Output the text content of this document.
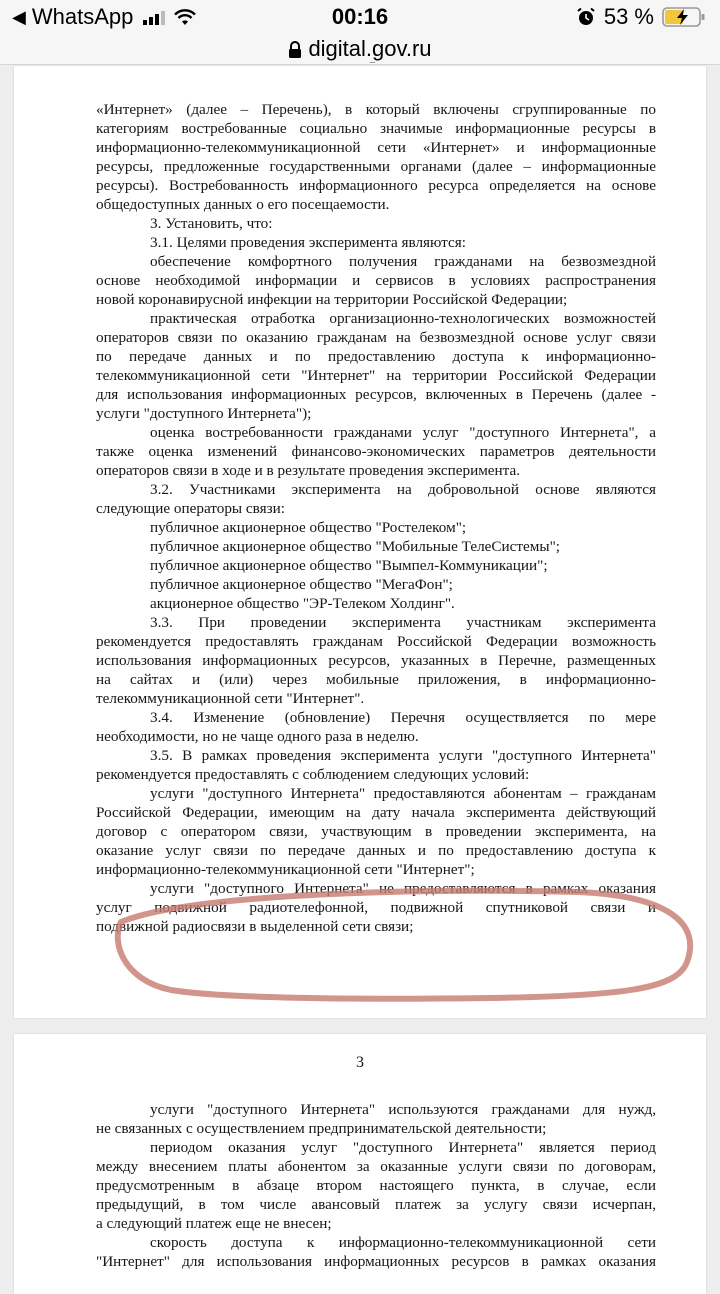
◀ WhatsApp	00:16	53 %
digital.gov.ru
‾
«Интернет» (далее – Перечень), в который включены сгруппированные по
категориям востребованные социально значимые информационные ресурсы в
информационно-телекоммуникационной сети «Интернет» и информационные
ресурсы, предложенные государственными органами (далее – информационные
ресурсы). Востребованность информационного ресурса определяется на основе
общедоступных данных о его посещаемости.
3. Установить, что:
3.1. Целями проведения эксперимента являются:
обеспечение комфортного получения гражданами на безвозмездной
основе необходимой информации и сервисов в условиях распространения
новой коронавирусной инфекции на территории Российской Федерации;
практическая отработка организационно-технологических возможностей
операторов связи по оказанию гражданам на безвозмездной основе услуг связи
по передаче данных и по предоставлению доступа к информационно-
телекоммуникационной сети "Интернет" на территории Российской Федерации
для использования информационных ресурсов, включенных в Перечень (далее -
услуги "доступного Интернета");
оценка востребованности гражданами услуг "доступного Интернета", а
также оценка изменений финансово-экономических параметров деятельности
операторов связи в ходе и в результате проведения эксперимента.
3.2. Участниками эксперимента на добровольной основе являются
следующие операторы связи:
публичное акционерное общество "Ростелеком";
публичное акционерное общество "Мобильные ТелеСистемы";
публичное акционерное общество "Вымпел-Коммуникации";
публичное акционерное общество "МегаФон";
акционерное общество "ЭР-Телеком Холдинг".
3.3. При проведении эксперимента участникам эксперимента
рекомендуется предоставлять гражданам Российской Федерации возможность
использования информационных ресурсов, указанных в Перечне, размещенных
на сайтах и (или) через мобильные приложения, в информационно-
телекоммуникационной сети "Интернет".
3.4. Изменение (обновление) Перечня осуществляется по мере
необходимости, но не чаще одного раза в неделю.
3.5. В рамках проведения эксперимента услуги "доступного Интернета"
рекомендуется предоставлять с соблюдением следующих условий:
услуги "доступного Интернета" предоставляются абонентам – гражданам
Российской Федерации, имеющим на дату начала эксперимента действующий
договор с оператором связи, участвующим в проведении эксперимента, на
оказание услуг связи по передаче данных и по предоставлению доступа к
информационно-телекоммуникационной сети "Интернет";
услуги "доступного Интернета" не предоставляются в рамках оказания
услуг подвижной радиотелефонной, подвижной спутниковой связи и
подвижной радиосвязи в выделенной сети связи;
3
услуги "доступного Интернета" используются гражданами для нужд,
не связанных с осуществлением предпринимательской деятельности;
периодом оказания услуг "доступного Интернета" является период
между внесением платы абонентом за оказанные услуги связи по договорам,
предусмотренным в абзаце втором настоящего пункта, в случае, если
предыдущий, в том числе авансовый платеж за услугу связи исчерпан,
а следующий платеж еще не внесен;
скорость доступа к информационно-телекоммуникационной сети
"Интернет" для использования информационных ресурсов в рамках оказания
